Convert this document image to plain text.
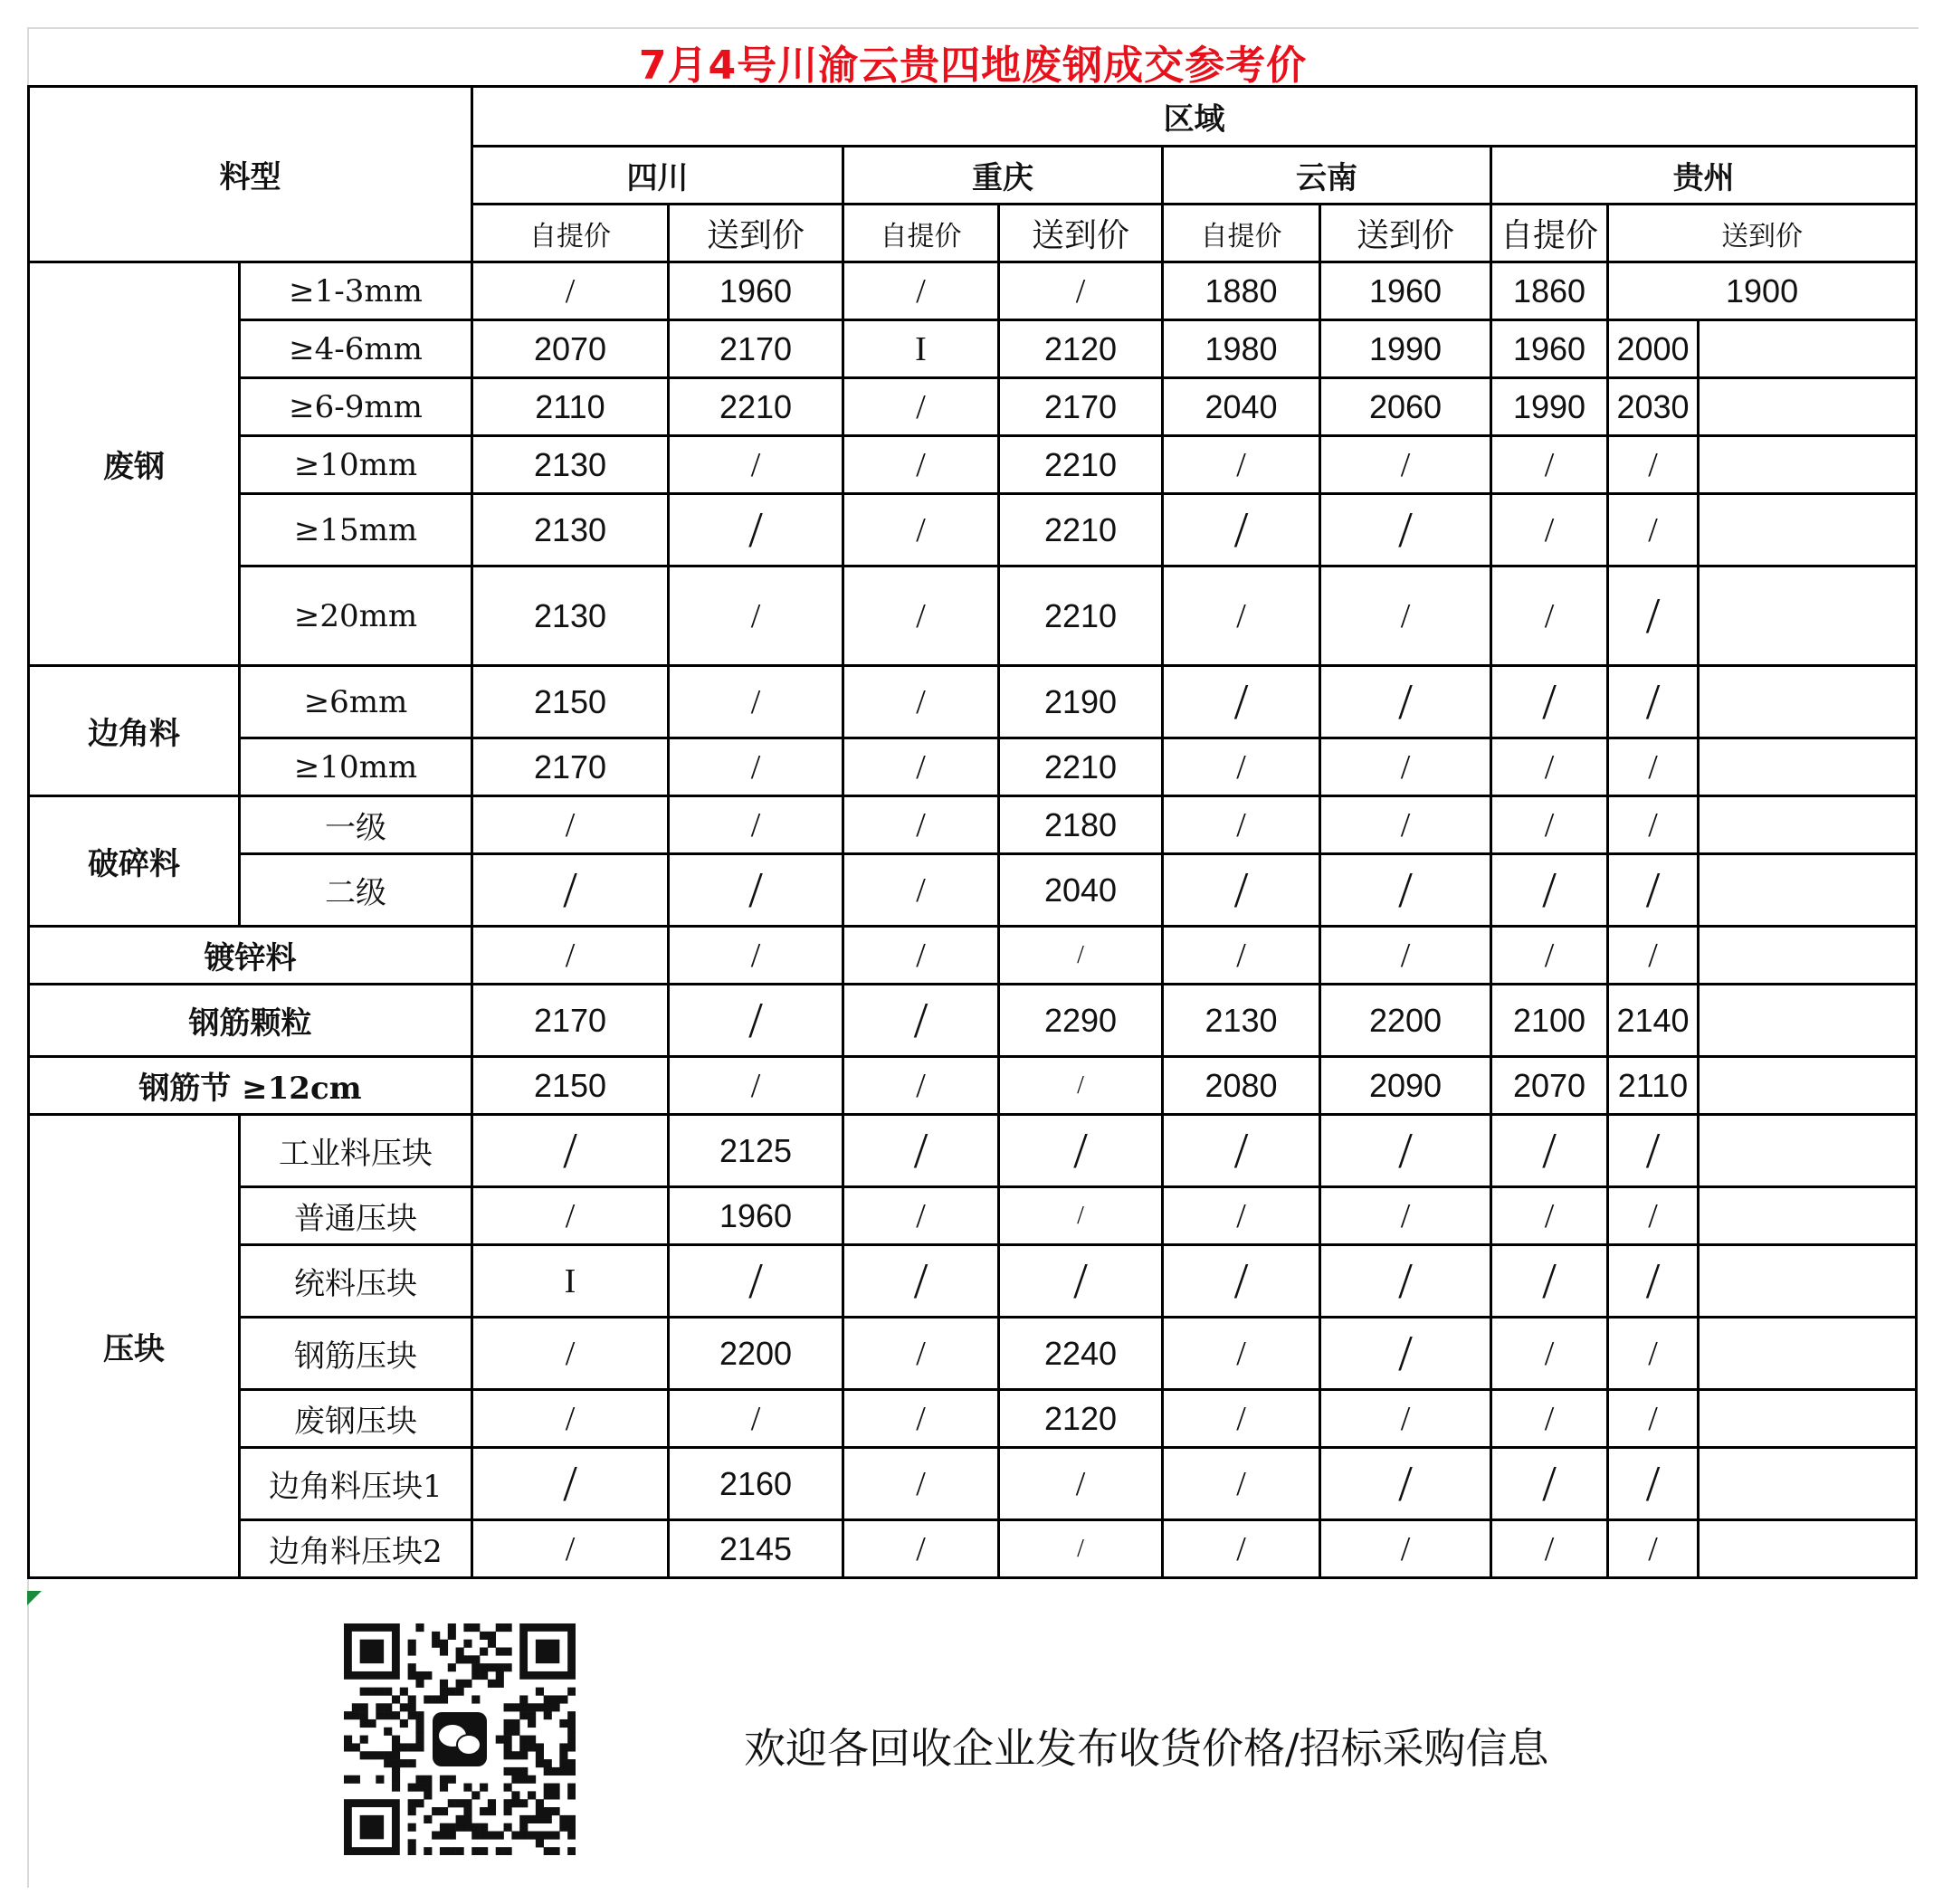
7月4号川渝云贵四地废钢成交参考价
料型		区域								
		四川		重庆		云南		贵州		
		自提价	送到价	自提价	送到价	自提价	送到价	自提价	送到价	
废钢	≥1-3mm	/	1960	/	/	1880	1960	1860	1900	
	≥4-6mm	2070	2170	I	2120	1980	1990	1960	2000	
	≥6-9mm	2110	2210	/	2170	2040	2060	1990	2030	
	≥10mm	2130	/	/	2210	/	/	/	/	
	≥15mm	2130	/	/	2210	/	/	/	/	
	≥20mm	2130	/	/	2210	/	/	/	/	
边角料	≥6mm	2150	/	/	2190	/	/	/	/	
	≥10mm	2170	/	/	2210	/	/	/	/	
破碎料	一级	/	/	/	2180	/	/	/	/	
	二级	/	/	/	2040	/	/	/	/	
镀锌料		/	/	/	/	/	/	/	/	
钢筋颗粒		2170	/	/	2290	2130	2200	2100	2140	
钢筋节 ≥12cm		2150	/	/	/	2080	2090	2070	2110	
压块	工业料压块	/	2125	/	/	/	/	/	/	
	普通压块	/	1960	/	/	/	/	/	/	
	统料压块	I	/	/	/	/	/	/	/	
	钢筋压块	/	2200	/	2240	/	/	/	/	
	废钢压块	/	/	/	2120	/	/	/	/	
	边角料压块1	/	2160	/	/	/	/	/	/	
	边角料压块2	/	2145	/	/	/	/	/	/	
欢迎各回收企业发布收货价格/招标采购信息
